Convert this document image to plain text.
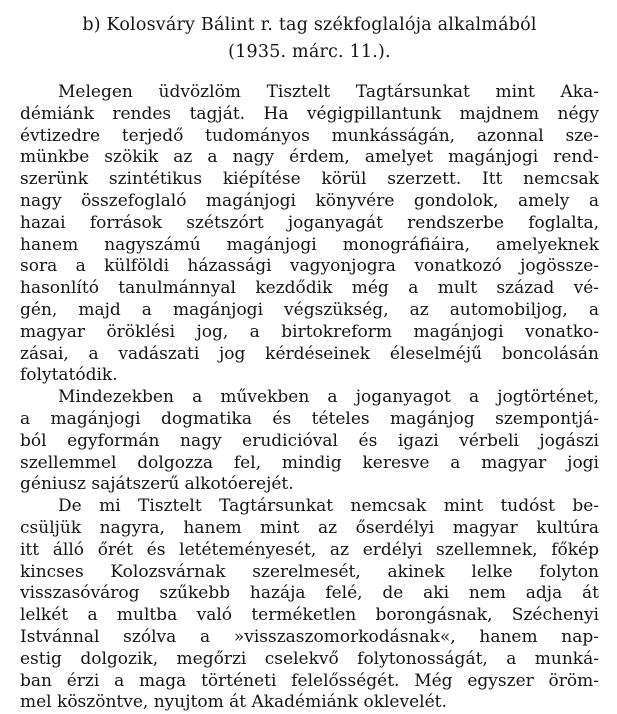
b) Kolosváry Bálint r. tag székfoglalója alkalmából
(1935. márc. 11.).
Melegen üdvözlöm Tisztelt Tagtársunkat mint Aka-
démiánk rendes tagját. Ha végigpillantunk majdnem négy
évtizedre terjedő tudományos munkásságán, azonnal sze-
münkbe szökik az a nagy érdem, amelyet magánjogi rend-
szerünk szintétikus kiépítése körül szerzett. Itt nemcsak
nagy összefoglaló magánjogi könyvére gondolok, amely a
hazai források szétszórt joganyagát rendszerbe foglalta,
hanem nagyszámú magánjogi monográfiáira, amelyeknek
sora a külföldi házassági vagyonjogra vonatkozó jogösszе-
hasonlító tanulmánnyal kezdődik még a mult század vé-
gén, majd a magánjogi végszükség, az automobiljog, a
magyar öröklési jog, a birtokreform magánjogi vonatko-
zásai, a vadászati jog kérdéseinek éleselméjű boncolásán
folytatódik.
Mindezekben a művekben a joganyagot a jogtörténet,
a magánjogi dogmatika és tételes magánjog szempontjá-
ból egyformán nagy erudicióval és igazi vérbeli jogászi
szellemmel dolgozza fel, mindig keresve a magyar jogi
géniusz sajátszerű alkotóerejét.
De mi Tisztelt Tagtársunkat nemcsak mint tudóst be-
csüljük nagyra, hanem mint az őserdélyi magyar kultúra
itt álló őrét és letéteményesét, az erdélyi szellemnek, főkép
kincses Kolozsvárnak szerelmesét, akinek lelke folyton
visszasóvárog szűkebb hazája felé, de aki nem adja át
lelkét a multba való terméketlen borongásnak, Széchenyi
Istvánnal szólva a »visszaszomorkodásnak«, hanem nap-
estig dolgozik, megőrzi cselekvő folytonosságát, a munká-
ban érzi a maga történeti felelősségét. Még egyszer öröm-
mel köszöntve, nyujtom át Akadémiánk oklevelét.
